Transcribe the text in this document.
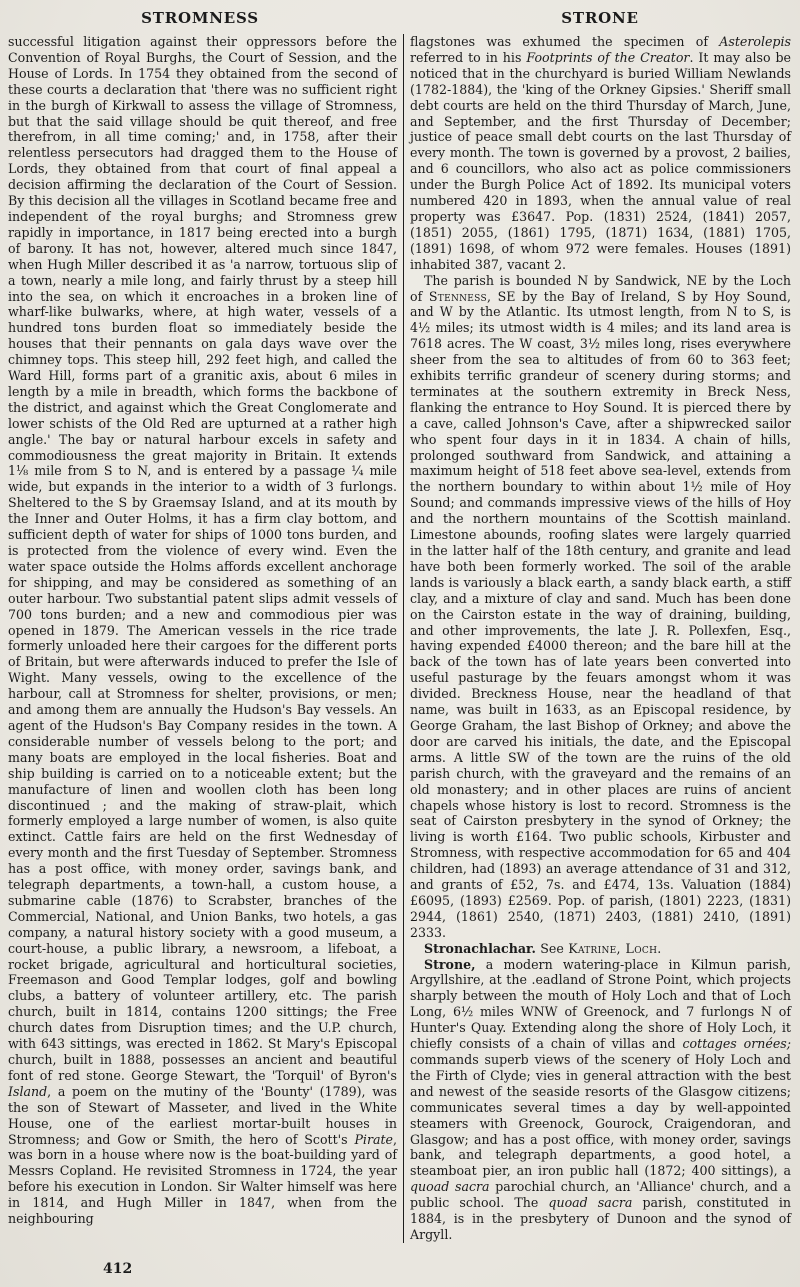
STROMNESS	STRONE

successful litigation against their oppressors before the Convention of Royal Burghs, the Court of Session, and the House of Lords. In 1754 they obtained from the second of these courts a declaration that 'there was no sufficient right in the burgh of Kirkwall to assess the village of Stromness, but that the said village should be quit thereof, and free therefrom, in all time coming;' and, in 1758, after their relentless persecutors had dragged them to the House of Lords, they obtained from that court of final appeal a decision affirming the declaration of the Court of Session. By this decision all the villages in Scotland became free and independent of the royal burghs; and Stromness grew rapidly in importance, in 1817 being erected into a burgh of barony. It has not, however, altered much since 1847, when Hugh Miller described it as 'a narrow, tortuous slip of a town, nearly a mile long, and fairly thrust by a steep hill into the sea, on which it encroaches in a broken line of wharf-like bulwarks, where, at high water, vessels of a hundred tons burden float so immediately beside the houses that their pennants on gala days wave over the chimney tops. This steep hill, 292 feet high, and called the Ward Hill, forms part of a granitic axis, about 6 miles in length by a mile in breadth, which forms the backbone of the district, and against which the Great Conglomerate and lower schists of the Old Red are upturned at a rather high angle.' The bay or natural harbour excels in safety and commodiousness the great majority in Britain. It extends 1⅛ mile from S to N, and is entered by a passage ¼ mile wide, but expands in the interior to a width of 3 furlongs. Sheltered to the S by Graemsay Island, and at its mouth by the Inner and Outer Holms, it has a firm clay bottom, and sufficient depth of water for ships of 1000 tons burden, and is protected from the violence of every wind. Even the water space outside the Holms affords excellent anchorage for shipping, and may be considered as something of an outer harbour. Two substantial patent slips admit vessels of 700 tons burden; and a new and commodious pier was opened in 1879. The American vessels in the rice trade formerly unloaded here their cargoes for the different ports of Britain, but were afterwards induced to prefer the Isle of Wight. Many vessels, owing to the excellence of the harbour, call at Stromness for shelter, provisions, or men; and among them are annually the Hudson's Bay vessels. An agent of the Hudson's Bay Company resides in the town. A considerable number of vessels belong to the port; and many boats are employed in the local fisheries. Boat and ship building is carried on to a noticeable extent; but the manufacture of linen and woollen cloth has been long discontinued ; and the making of straw-plait, which formerly employed a large number of women, is also quite extinct. Cattle fairs are held on the first Wednesday of every month and the first Tuesday of September. Stromness has a post office, with money order, savings bank, and telegraph departments, a town-hall, a custom house, a submarine cable (1876) to Scrabster, branches of the Commercial, National, and Union Banks, two hotels, a gas company, a natural history society with a good museum, a court-house, a public library, a newsroom, a lifeboat, a rocket brigade, agricultural and horticultural societies, Freemason and Good Templar lodges, golf and bowling clubs, a battery of volunteer artillery, etc. The parish church, built in 1814, contains 1200 sittings; the Free church dates from Disruption times; and the U.P. church, with 643 sittings, was erected in 1862. St Mary's Episcopal church, built in 1888, possesses an ancient and beautiful font of red stone. George Stewart, the 'Torquil' of Byron's Island, a poem on the mutiny of the 'Bounty' (1789), was the son of Stewart of Masseter, and lived in the White House, one of the earliest mortar-built houses in Stromness; and Gow or Smith, the hero of Scott's Pirate, was born in a house where now is the boat-building yard of Messrs Copland. He revisited Stromness in 1724, the year before his execution in London. Sir Walter himself was here in 1814, and Hugh Miller in 1847, when from the neighbouring

flagstones was exhumed the specimen of Asterolepis referred to in his Footprints of the Creator. It may also be noticed that in the churchyard is buried William Newlands (1782-1884), the 'king of the Orkney Gipsies.' Sheriff small debt courts are held on the third Thursday of March, June, and September, and the first Thursday of December; justice of peace small debt courts on the last Thursday of every month. The town is governed by a provost, 2 bailies, and 6 councillors, who also act as police commissioners under the Burgh Police Act of 1892. Its municipal voters numbered 420 in 1893, when the annual value of real property was £3647. Pop. (1831) 2524, (1841) 2057, (1851) 2055, (1861) 1795, (1871) 1634, (1881) 1705, (1891) 1698, of whom 972 were females. Houses (1891) inhabited 387, vacant 2.

The parish is bounded N by Sandwick, NE by the Loch of Stenness, SE by the Bay of Ireland, S by Hoy Sound, and W by the Atlantic. Its utmost length, from N to S, is 4½ miles; its utmost width is 4 miles; and its land area is 7618 acres. The W coast, 3½ miles long, rises everywhere sheer from the sea to altitudes of from 60 to 363 feet; exhibits terrific grandeur of scenery during storms; and terminates at the southern extremity in Breck Ness, flanking the entrance to Hoy Sound. It is pierced there by a cave, called Johnson's Cave, after a shipwrecked sailor who spent four days in it in 1834. A chain of hills, prolonged southward from Sandwick, and attaining a maximum height of 518 feet above sea-level, extends from the northern boundary to within about 1½ mile of Hoy Sound; and commands impressive views of the hills of Hoy and the northern mountains of the Scottish mainland. Limestone abounds, roofing slates were largely quarried in the latter half of the 18th century, and granite and lead have both been formerly worked. The soil of the arable lands is variously a black earth, a sandy black earth, a stiff clay, and a mixture of clay and sand. Much has been done on the Cairston estate in the way of draining, building, and other improvements, the late J. R. Pollexfen, Esq., having expended £4000 thereon; and the bare hill at the back of the town has of late years been converted into useful pasturage by the feuars amongst whom it was divided. Breckness House, near the headland of that name, was built in 1633, as an Episcopal residence, by George Graham, the last Bishop of Orkney; and above the door are carved his initials, the date, and the Episcopal arms. A little SW of the town are the ruins of the old parish church, with the graveyard and the remains of an old monastery; and in other places are ruins of ancient chapels whose history is lost to record. Stromness is the seat of Cairston presbytery in the synod of Orkney; the living is worth £164. Two public schools, Kirbuster and Stromness, with respective accommodation for 65 and 404 children, had (1893) an average attendance of 31 and 312, and grants of £52, 7s. and £474, 13s. Valuation (1884) £6095, (1893) £2569. Pop. of parish, (1801) 2223, (1831) 2944, (1861) 2540, (1871) 2403, (1881) 2410, (1891) 2333.

Stronachlachar. See Katrine, Loch.

Strone, a modern watering-place in Kilmun parish, Argyllshire, at the .eadland of Strone Point, which projects sharply between the mouth of Holy Loch and that of Loch Long, 6½ miles WNW of Greenock, and 7 furlongs N of Hunter's Quay. Extending along the shore of Holy Loch, it chiefly consists of a chain of villas and cottages ornées; commands superb views of the scenery of Holy Loch and the Firth of Clyde; vies in general attraction with the best and newest of the seaside resorts of the Glasgow citizens; communicates several times a day by well-appointed steamers with Greenock, Gourock, Craigendoran, and Glasgow; and has a post office, with money order, savings bank, and telegraph departments, a good hotel, a steamboat pier, an iron public hall (1872; 400 sittings), a quoad sacra parochial church, an 'Alliance' church, and a public school. The quoad sacra parish, constituted in 1884, is in the presbytery of Dunoon and the synod of Argyll.

412
